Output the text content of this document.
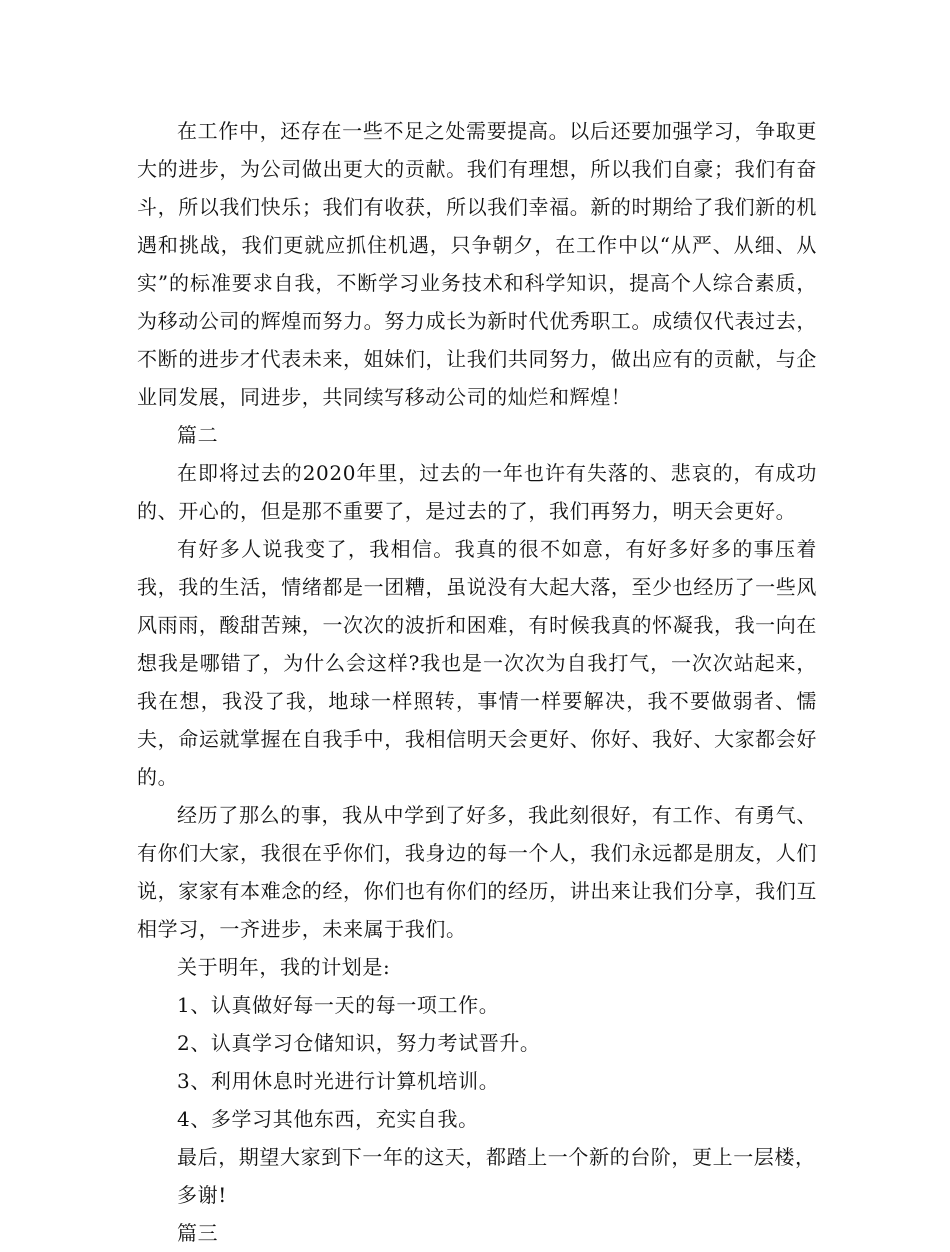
在工作中，还存在一些不足之处需要提高。以后还要加强学习，争取更大的进步，为公司做出更大的贡献。我们有理想，所以我们自豪；我们有奋斗，所以我们快乐；我们有收获，所以我们幸福。新的时期给了我们新的机遇和挑战，我们更就应抓住机遇，只争朝夕，在工作中以“从严、从细、从实”的标准要求自我，不断学习业务技术和科学知识，提高个人综合素质，为移动公司的辉煌而努力。努力成长为新时代优秀职工。成绩仅代表过去，不断的进步才代表未来，姐妹们，让我们共同努力，做出应有的贡献，与企业同发展，同进步，共同续写移动公司的灿烂和辉煌！

篇二

在即将过去的2020年里，过去的一年也许有失落的、悲哀的，有成功的、开心的，但是那不重要了，是过去的了，我们再努力，明天会更好。

有好多人说我变了，我相信。我真的很不如意，有好多好多的事压着我，我的生活，情绪都是一团糟，虽说没有大起大落，至少也经历了一些风风雨雨，酸甜苦辣，一次次的波折和困难，有时候我真的怀凝我，我一向在想我是哪错了，为什么会这样?我也是一次次为自我打气，一次次站起来，我在想，我没了我，地球一样照转，事情一样要解决，我不要做弱者、懦夫，命运就掌握在自我手中，我相信明天会更好、你好、我好、大家都会好的。

经历了那么的事，我从中学到了好多，我此刻很好，有工作、有勇气、有你们大家，我很在乎你们，我身边的每一个人，我们永远都是朋友，人们说，家家有本难念的经，你们也有你们的经历，讲出来让我们分享，我们互相学习，一齐进步，未来属于我们。

关于明年，我的计划是:

1、认真做好每一天的每一项工作。

2、认真学习仓储知识，努力考试晋升。

3、利用休息时光进行计算机培训。

4、多学习其他东西，充实自我。

最后，期望大家到下一年的这天，都踏上一个新的台阶，更上一层楼，多谢!

篇三
